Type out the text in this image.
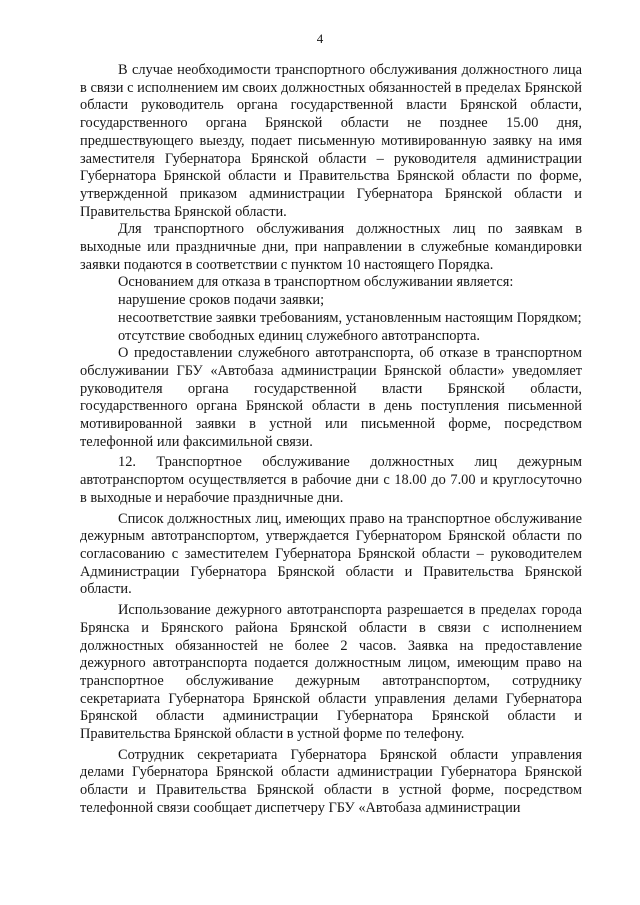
4

В случае необходимости транспортного обслуживания должностного лица в связи с исполнением им своих должностных обязанностей в пределах Брянской области руководитель органа государственной власти Брянской области, государственного органа Брянской области не позднее 15.00 дня, предшествующего выезду, подает письменную мотивированную заявку на имя заместителя Губернатора Брянской области – руководителя администрации Губернатора Брянской области и Правительства Брянской области по форме, утвержденной приказом администрации Губернатора Брянской области и Правительства Брянской области.

Для транспортного обслуживания должностных лиц по заявкам в выходные или праздничные дни, при направлении в служебные командировки заявки подаются в соответствии с пунктом 10 настоящего Порядка.

Основанием для отказа в транспортном обслуживании является:

нарушение сроков подачи заявки;

несоответствие заявки требованиям, установленным настоящим Порядком;

отсутствие свободных единиц служебного автотранспорта.

О предоставлении служебного автотранспорта, об отказе в транспортном обслуживании ГБУ «Автобаза администрации Брянской области» уведомляет руководителя органа государственной власти Брянской области, государственного органа Брянской области в день поступления письменной мотивированной заявки в устной или письменной форме, посредством телефонной или факсимильной связи.

12. Транспортное обслуживание должностных лиц дежурным автотранспортом осуществляется в рабочие дни с 18.00 до 7.00 и круглосуточно в выходные и нерабочие праздничные дни.

Список должностных лиц, имеющих право на транспортное обслуживание дежурным автотранспортом, утверждается Губернатором Брянской области по согласованию с заместителем Губернатора Брянской области – руководителем Администрации Губернатора Брянской области и Правительства Брянской области.

Использование дежурного автотранспорта разрешается в пределах города Брянска и Брянского района Брянской области в связи с исполнением должностных обязанностей не более 2 часов. Заявка на предоставление дежурного автотранспорта подается должностным лицом, имеющим право на транспортное обслуживание дежурным автотранспортом, сотруднику секретариата Губернатора Брянской области управления делами Губернатора Брянской области администрации Губернатора Брянской области и Правительства Брянской области в устной форме по телефону.

Сотрудник секретариата Губернатора Брянской области управления делами Губернатора Брянской области администрации Губернатора Брянской области и Правительства Брянской области в устной форме, посредством телефонной связи сообщает диспетчеру ГБУ «Автобаза администрации
